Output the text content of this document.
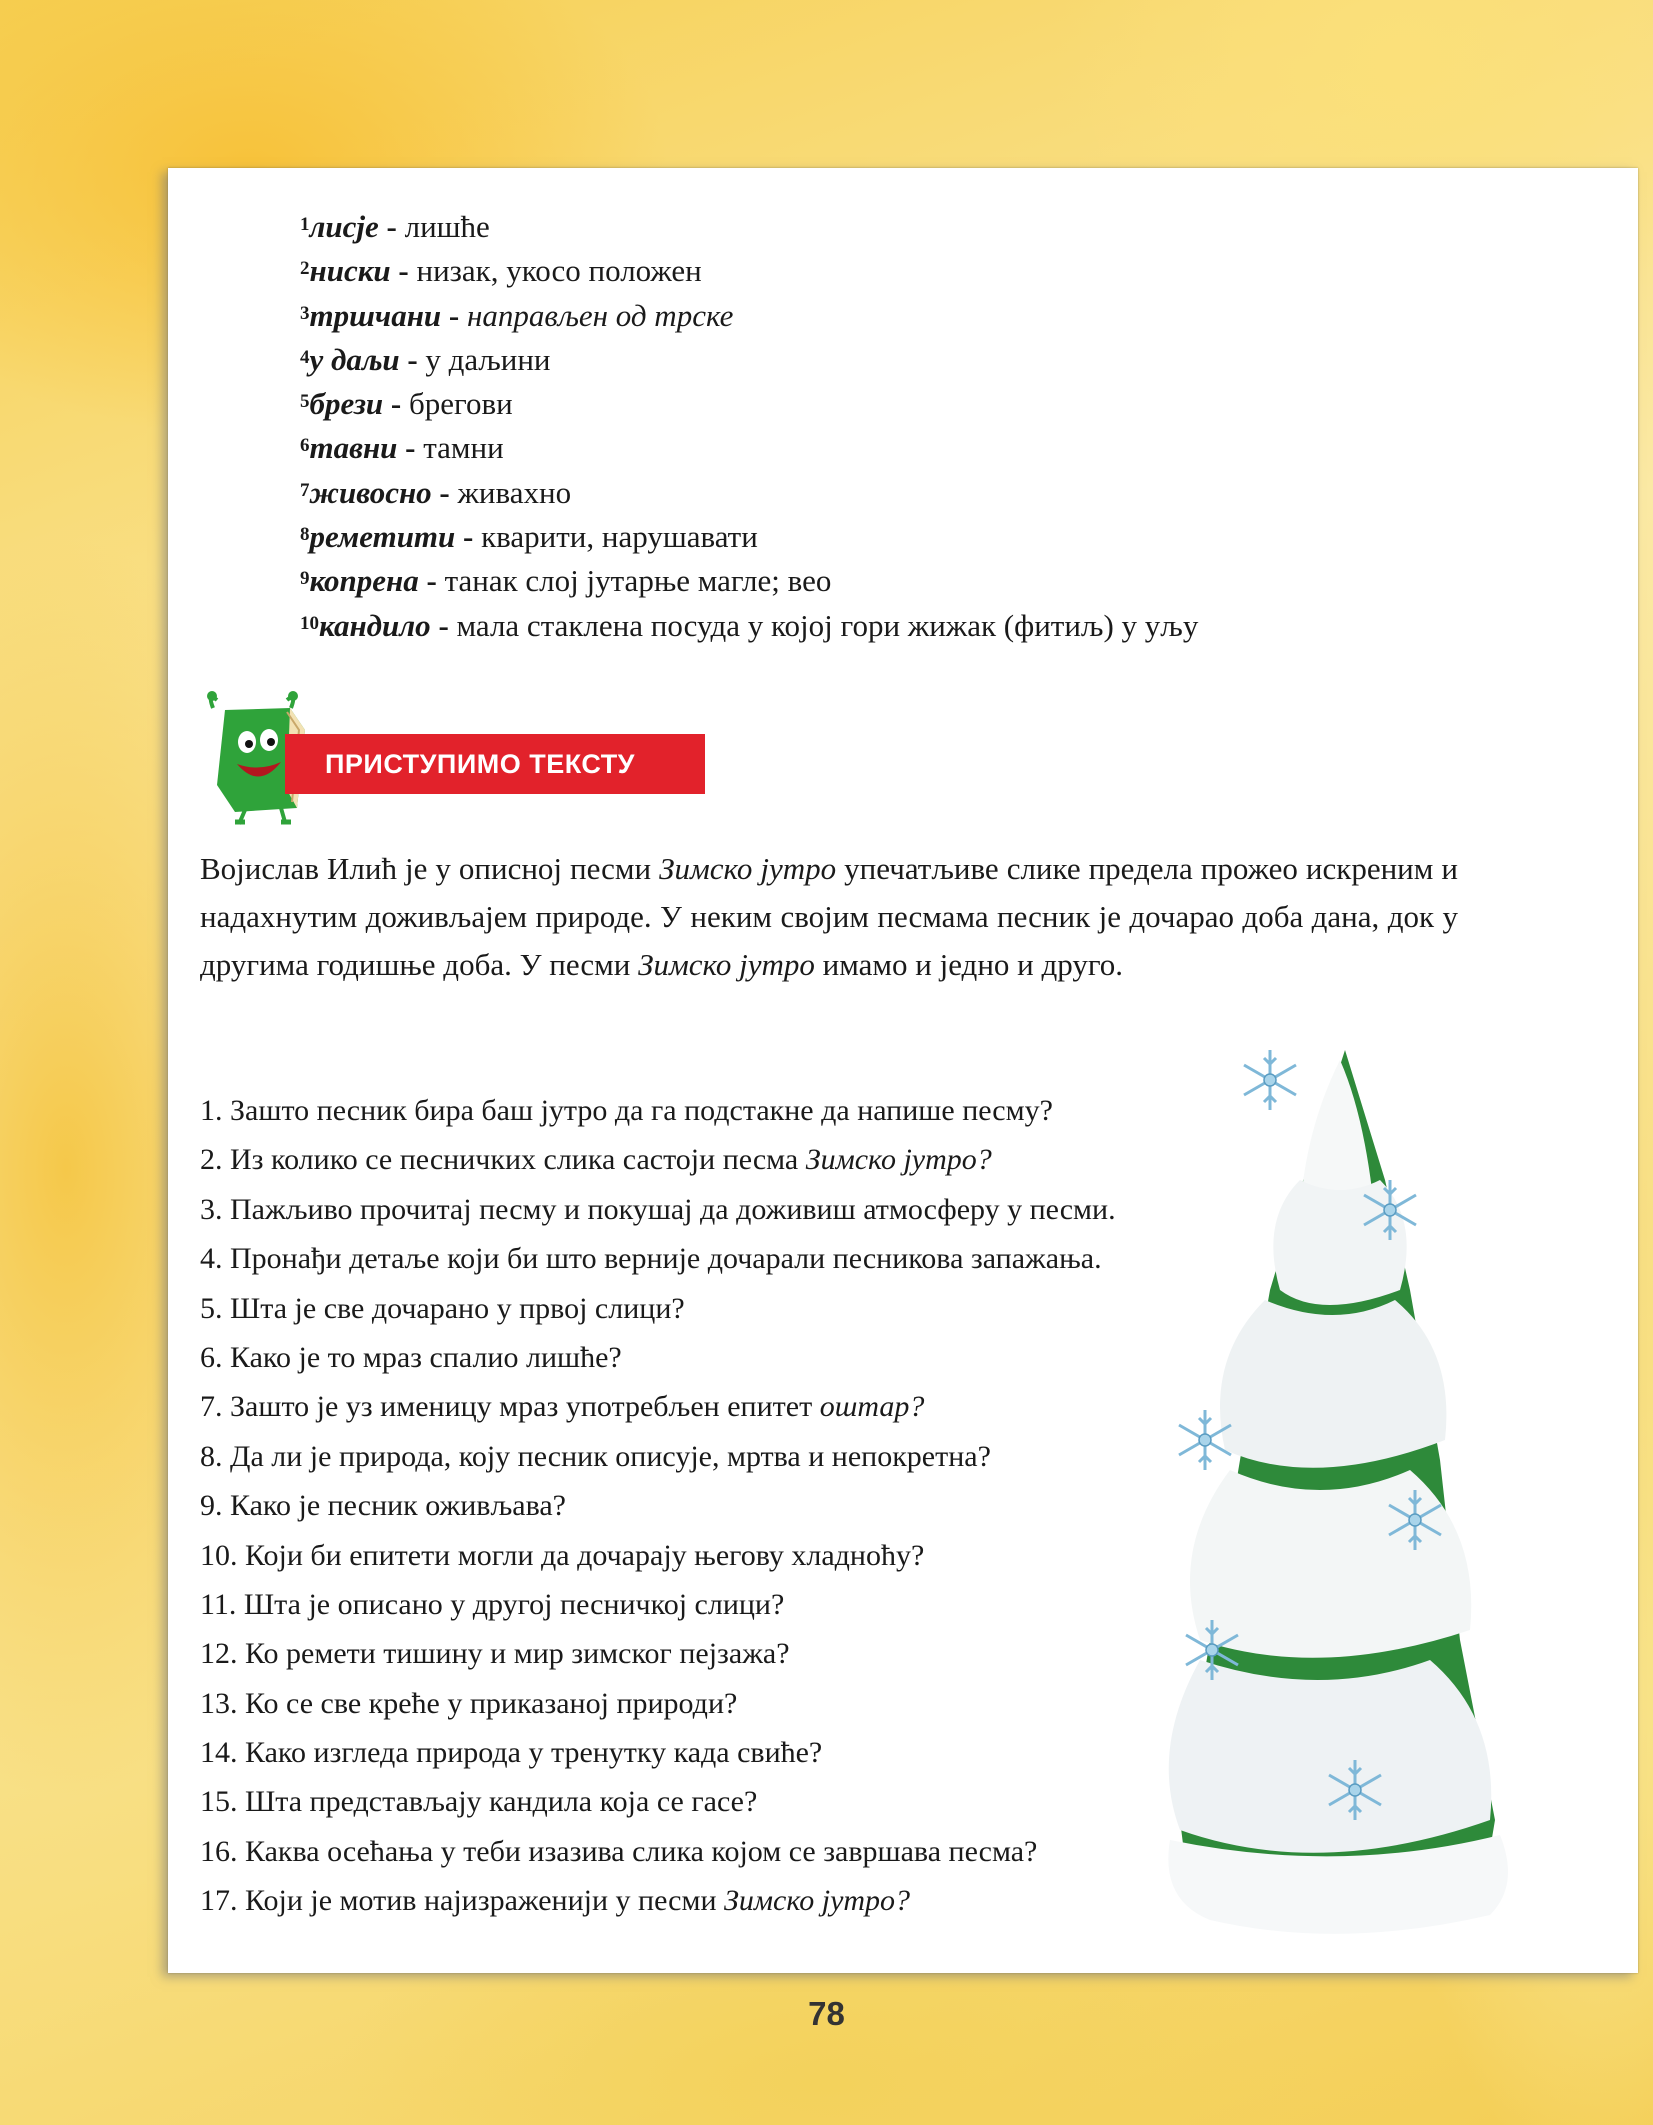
$^1$лисје - лишће
$^2$ниски - низак, укосо положен
$^3$тршчани - направљен од трске
$^4$у даљи - у даљини
$^5$брези - брегови
$^6$тавни - тамни
$^7$живосно - живахно
$^8$реметити - кварити, нарушавати
$^9$копрена - танак слој јутарње магле; вео
$^{10}$кандило - мала стаклена посуда у којој гори жижак (фитиљ) у уљу
ПРИСТУПИМО ТЕКСТУ
Војислав Илић је у описној песми Зимско јутро упечатљиве слике предела прожео искреним и надахнутим доживљајем природе. У неким својим песмама песник је дочарао доба дана, док у другима годишње доба. У песми Зимско јутро имамо и једно и друго.
1. Зашто песник бира баш јутро да га подстакне да напише песму?
2. Из колико се песничких слика састоји песма Зимско јутро?
3. Пажљиво прочитај песму и покушај да доживиш атмосферу у песми.
4. Пронађи детаље који би што верније дочарали песникова запажања.
5. Шта је све дочарано у првој слици?
6. Како је то мраз спалио лишће?
7. Зашто је уз именицу мраз употребљен епитет оштар?
8. Да ли је природа, коју песник описује, мртва и непокретна?
9. Како је песник оживљава?
10. Који би епитети могли да дочарају његову хладноћу?
11. Шта је описано у другој песничкој слици?
12. Ко ремети тишину и мир зимског пејзажа?
13. Ко се све креће у приказаној природи?
14. Како изгледа природа у тренутку када свиће?
15. Шта представљају кандила која се гасе?
16. Каква осећања у теби изазива слика којом се завршава песма?
17. Који је мотив најизраженији у песми Зимско јутро?
78
